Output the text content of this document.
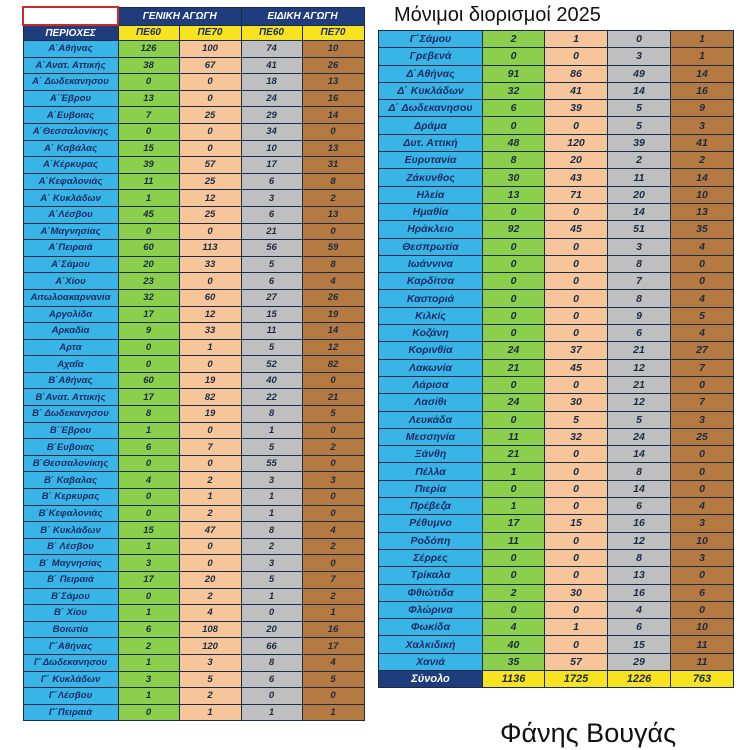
Μόνιμοι διορισμοί 2025
	ΓΕΝΙΚΗ ΑΓΩΓΗ		ΕΙΔΙΚΗ ΑΓΩΓΗ	
ΠΕΡΙΟΧΕΣ	ΠΕ60	ΠΕ70	ΠΕ60	ΠΕ70
Α΄Αθήνας	126	100	74	10
Α΄Ανατ. Αττικής	38	67	41	26
Α΄ Δωδεκανησου	0	0	18	13
Α΄Έβρου	13	0	24	16
Α΄Ευβοιας	7	25	29	14
Α΄Θεσσαλονίκης	0	0	34	0
Α΄ Καβάλας	15	0	10	13
Α΄Κέρκυρας	39	57	17	31
Α΄Κεφαλονιάς	11	25	6	8
Α΄ Κυκλάδων	1	12	3	2
Α΄Λέσβου	45	25	6	13
Α΄Μαγνησίας	0	0	21	0
Α΄Πειραιά	60	113	56	59
Α΄Σάμου	20	33	5	8
Α΄Χίου	23	0	6	4
Αιτωλοακαρνανία	32	60	27	26
Αργολίδα	17	12	15	19
Αρκαδία	9	33	11	14
Αρτα	0	1	5	12
Αχαΐα	0	0	52	82
Β΄Αθήνας	60	19	40	0
Β΄Ανατ. Αττικής	17	82	22	21
Β΄ Δωδεκανησου	8	19	8	5
Β΄Έβρου	1	0	1	0
Β΄Ευβοιας	6	7	5	2
Β΄Θεσσαλονίκης	0	0	55	0
Β΄ Καβαλας	4	2	3	3
Β΄ Κερκυρας	0	1	1	0
Β΄Κεφαλονιάς	0	2	1	0
Β΄ Κυκλάδων	15	47	8	4
Β΄ Λέσβου	1	0	2	2
Β΄ Μαγνησίας	3	0	3	0
Β΄ Πειραιά	17	20	5	7
Β΄Σάμου	0	2	1	2
Β΄ Χίου	1	4	0	1
Βοιωτία	6	108	20	16
Γ΄Αθήνας	2	120	66	17
Γ΄Δωδεκανησου	1	3	8	4
Γ΄ Κυκλάδων	3	5	6	5
Γ΄Λέσβου	1	2	0	0
Γ΄Πειραιά	0	1	1	1
Γ΄Σάμου	2	1	0	1
Γρεβενά	0	0	3	1
Δ΄Αθήνας	91	86	49	14
Δ΄ Κυκλάδων	32	41	14	16
Δ΄ Δωδεκανησου	6	39	5	9
Δράμα	0	0	5	3
Δυτ. Αττική	48	120	39	41
Ευρυτανία	8	20	2	2
Ζάκυνθος	30	43	11	14
Ηλεία	13	71	20	10
Ημαθία	0	0	14	13
Ηράκλειο	92	45	51	35
Θεσπρωτία	0	0	3	4
Ιωάννινα	0	0	8	0
Καρδίτσα	0	0	7	0
Καστοριά	0	0	8	4
Κιλκίς	0	0	9	5
Κοζάνη	0	0	6	4
Κορινθία	24	37	21	27
Λακωνία	21	45	12	7
Λάρισα	0	0	21	0
Λασίθι	24	30	12	7
Λευκάδα	0	5	5	3
Μεσσηνία	11	32	24	25
Ξάνθη	21	0	14	0
Πέλλα	1	0	8	0
Πιερία	0	0	14	0
Πρέβεζα	1	0	6	4
Ρέθυμνο	17	15	16	3
Ροδόπη	11	0	12	10
Σέρρες	0	0	8	3
Τρίκαλα	0	0	13	0
Φθιώτιδα	2	30	16	6
Φλώρινα	0	0	4	0
Φωκίδα	4	1	6	10
Χαλκιδική	40	0	15	11
Χανιά	35	57	29	11
Σύνολο	1136	1725	1226	763
Φάνης Βουγάς
